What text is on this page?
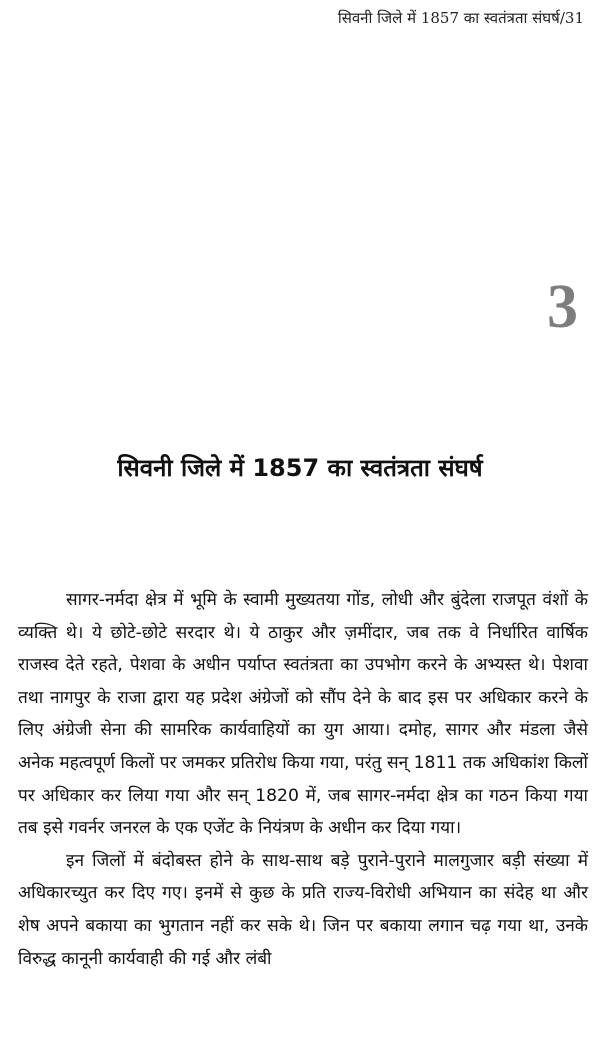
सिवनी जिले में 1857 का स्वतंत्रता संघर्ष/31
3
सिवनी जिले में 1857 का स्वतंत्रता संघर्ष

सागर-नर्मदा क्षेत्र में भूमि के स्वामी मुख्यतया गोंड, लोधी और बुंदेला राजपूत वंशों के व्यक्ति थे। ये छोटे-छोटे सरदार थे। ये ठाकुर और ज़मींदार, जब तक वे निर्धारित वार्षिक राजस्व देते रहते, पेशवा के अधीन पर्याप्त स्वतंत्रता का उपभोग करने के अभ्यस्त थे। पेशवा तथा नागपुर के राजा द्वारा यह प्रदेश अंग्रेजों को सौंप देने के बाद इस पर अधिकार करने के लिए अंग्रेजी सेना की सामरिक कार्यवाहियों का युग आया। दमोह, सागर और मंडला जैसे अनेक महत्वपूर्ण किलों पर जमकर प्रतिरोध किया गया, परंतु सन् 1811 तक अधिकांश किलों पर अधिकार कर लिया गया और सन् 1820 में, जब सागर-नर्मदा क्षेत्र का गठन किया गया तब इसे गवर्नर जनरल के एक एजेंट के नियंत्रण के अधीन कर दिया गया।

इन जिलों में बंदोबस्त होने के साथ-साथ बड़े पुराने-पुराने मालगुजार बड़ी संख्या में अधिकारच्युत कर दिए गए। इनमें से कुछ के प्रति राज्य-विरोधी अभियान का संदेह था और शेष अपने बकाया का भुगतान नहीं कर सके थे। जिन पर बकाया लगान चढ़ गया था, उनके विरुद्ध कानूनी कार्यवाही की गई और लंबी
